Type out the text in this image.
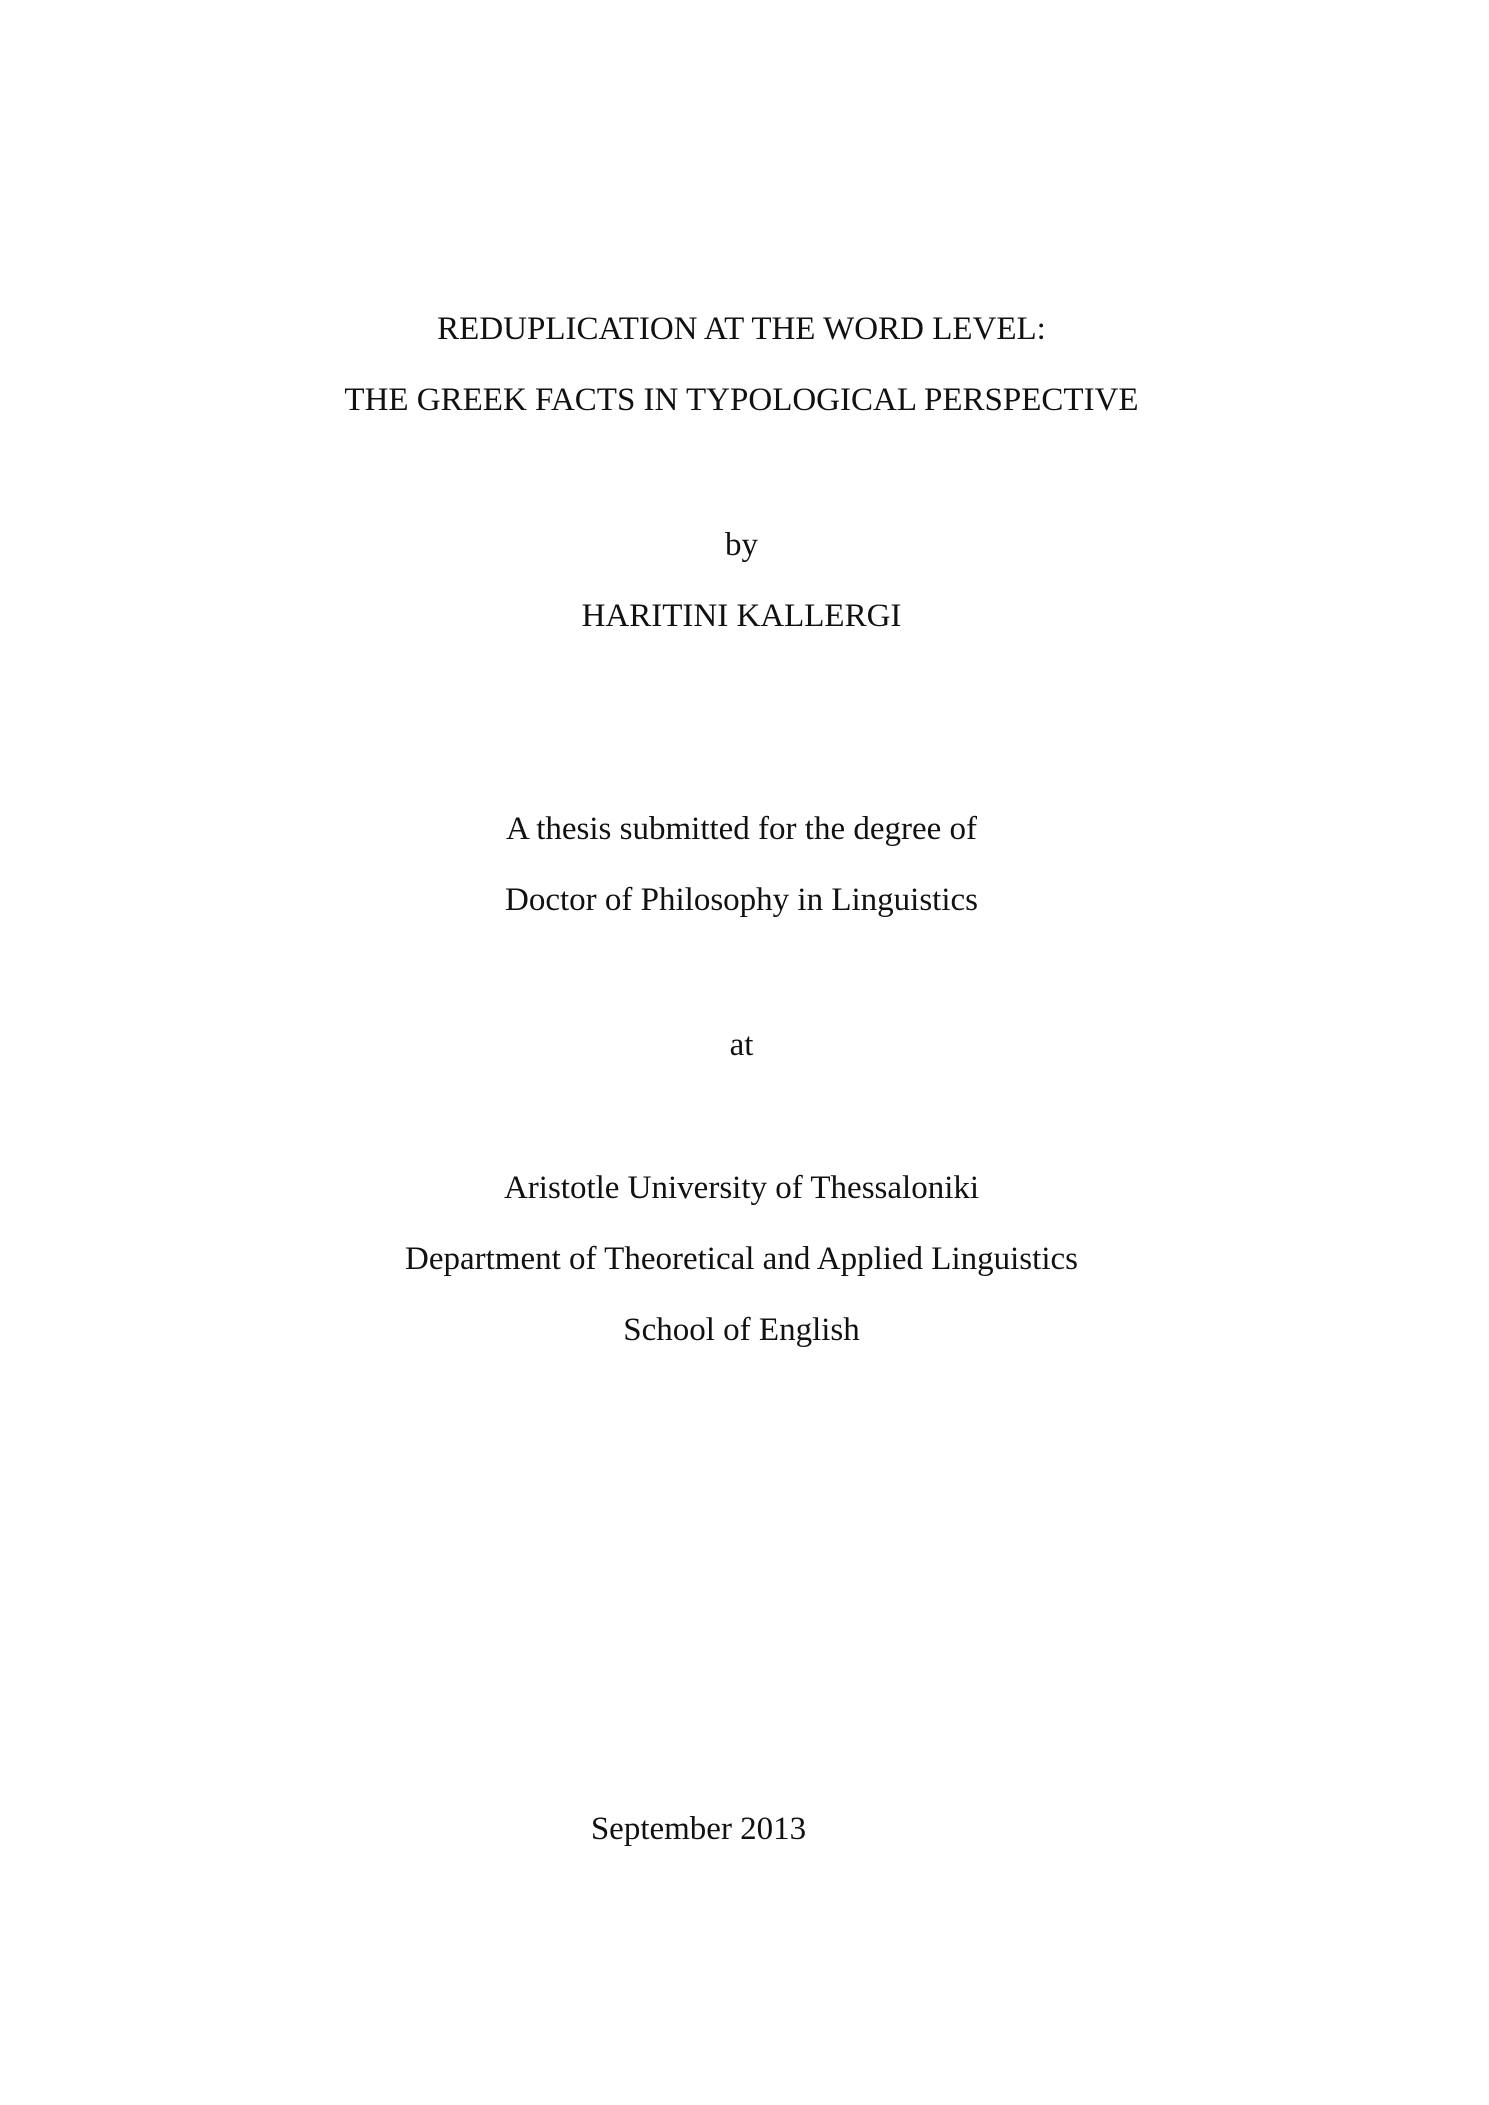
REDUPLICATION AT THE WORD LEVEL:
THE GREEK FACTS IN TYPOLOGICAL PERSPECTIVE

by

HARITINI KALLERGI

A thesis submitted for the degree of

Doctor of Philosophy in Linguistics

at

Aristotle University of Thessaloniki

Department of Theoretical and Applied Linguistics

School of English

September 2013
